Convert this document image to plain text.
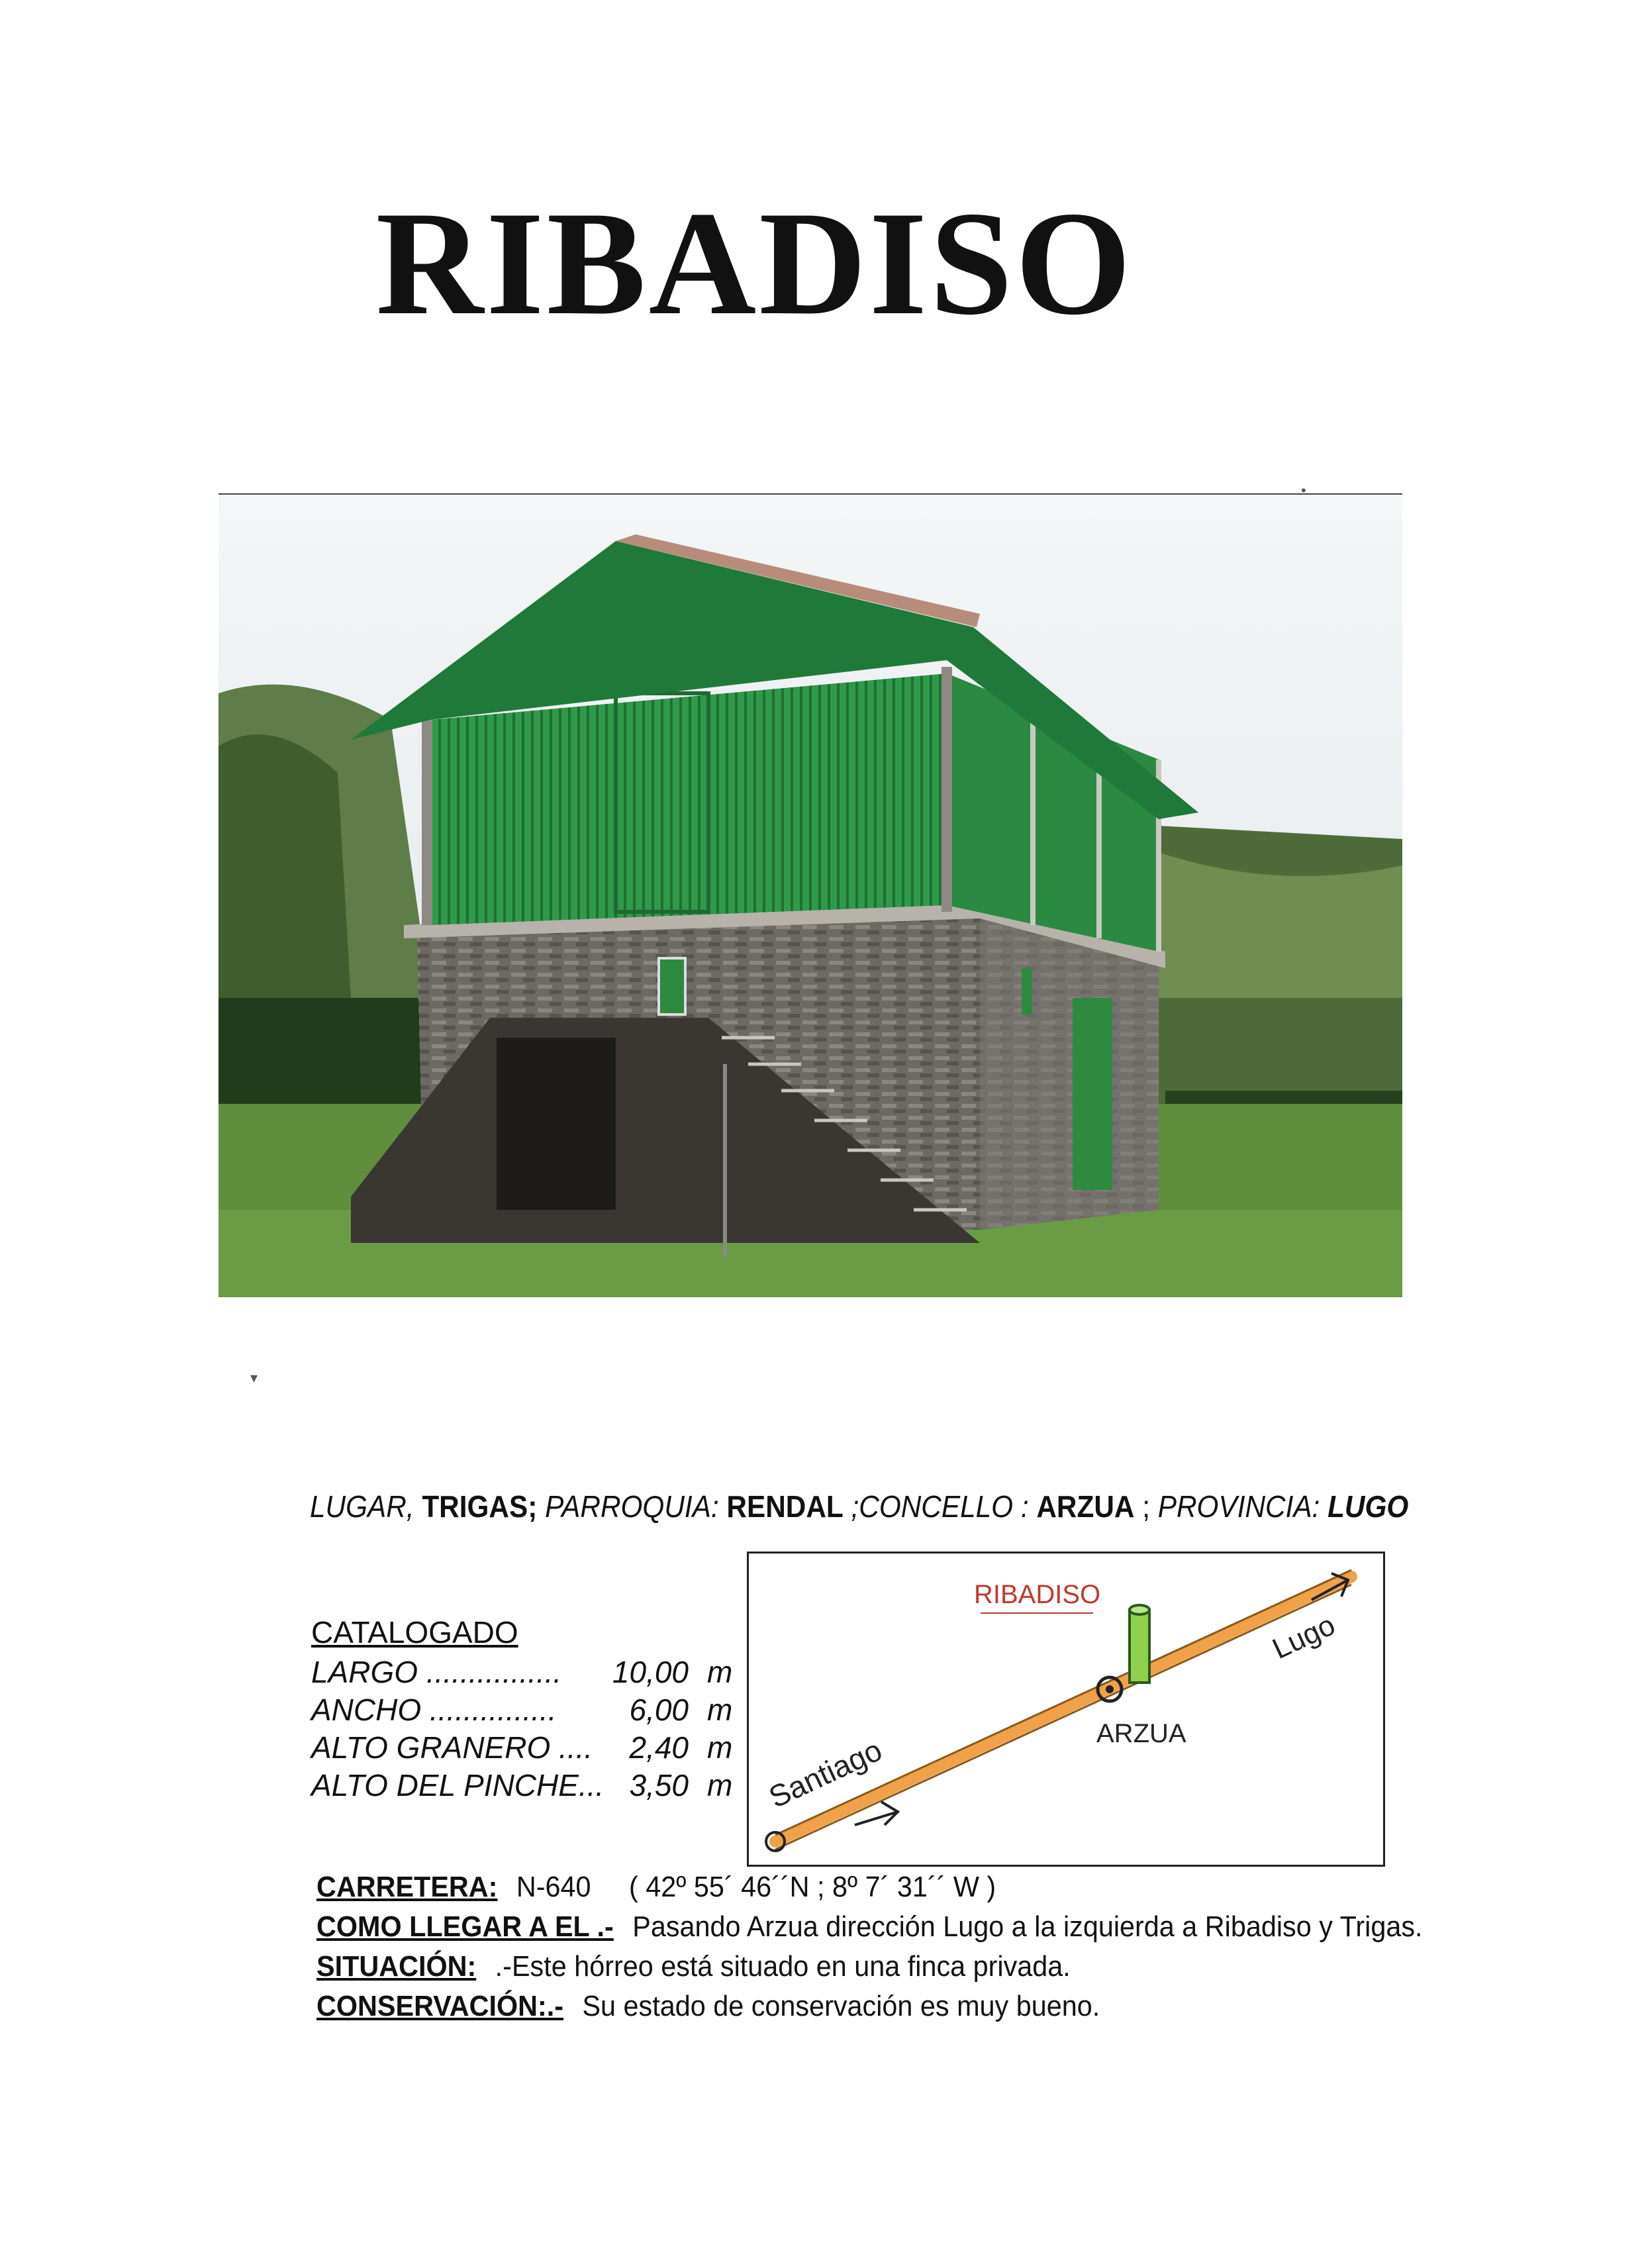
RIBADISO
•
▾
LUGAR, TRIGAS; PARROQUIA: RENDAL ;CONCELLO : ARZUA ; PROVINCIA: LUGO
CATALOGADO
LARGO ................	10,00 m
ANCHO ...............	6,00 m
ALTO GRANERO ....	2,40 m
ALTO DEL PINCHE... 3,50 m
RIBADISO
Lugo
ARZUA
Santiago
CARRETERA: N-640     ( 42º 55´ 46´´N ; 8º 7´ 31´´ W )
COMO LLEGAR A EL .- Pasando Arzua dirección Lugo a la izquierda a Ribadiso y Trigas.
SITUACIÓN: .-Este hórreo está situado en una finca privada.
CONSERVACIÓN:.- Su estado de conservación es muy bueno.
